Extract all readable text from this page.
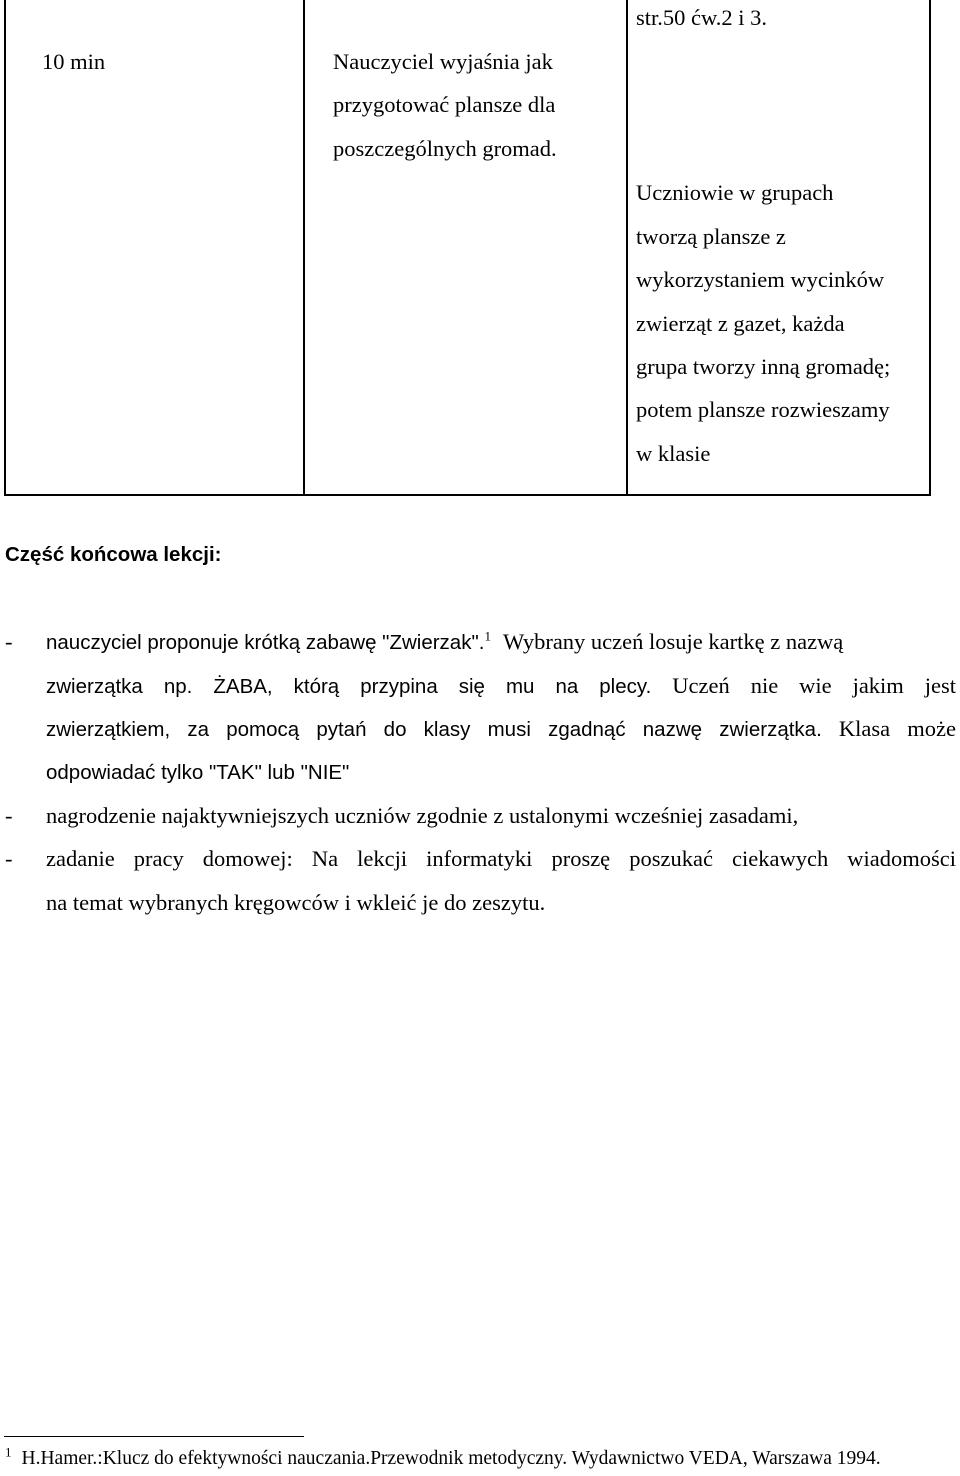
10 min	Nauczyciel wyjaśnia jak
przygotować plansze dla
poszczególnych gromad.
str.50 ćw.2 i 3.
Uczniowie w grupach
tworzą plansze z
wykorzystaniem wycinków
zwierząt z gazet, każda
grupa tworzy inną gromadę;
potem plansze rozwieszamy
w klasie
Część końcowa lekcji:
- nauczyciel proponuje krótką zabawę "Zwierzak".$^1$ Wybrany uczeń losuje kartkę z nazwą
zwierzątka np. ŻABA, którą przypina się mu na plecy. Uczeń nie wie jakim jest
zwierzątkiem, za pomocą pytań do klasy musi zgadnąć nazwę zwierzątka. Klasa może
odpowiadać tylko "TAK" lub "NIE"
- nagrodzenie najaktywniejszych uczniów zgodnie z ustalonymi wcześniej zasadami,
- zadanie pracy domowej: Na lekcji informatyki proszę poszukać ciekawych wiadomości
na temat wybranych kręgowców i wkleić je do zeszytu.
$^1$ H.Hamer.:Klucz do efektywności nauczania.Przewodnik metodyczny. Wydawnictwo VEDA, Warszawa 1994.
